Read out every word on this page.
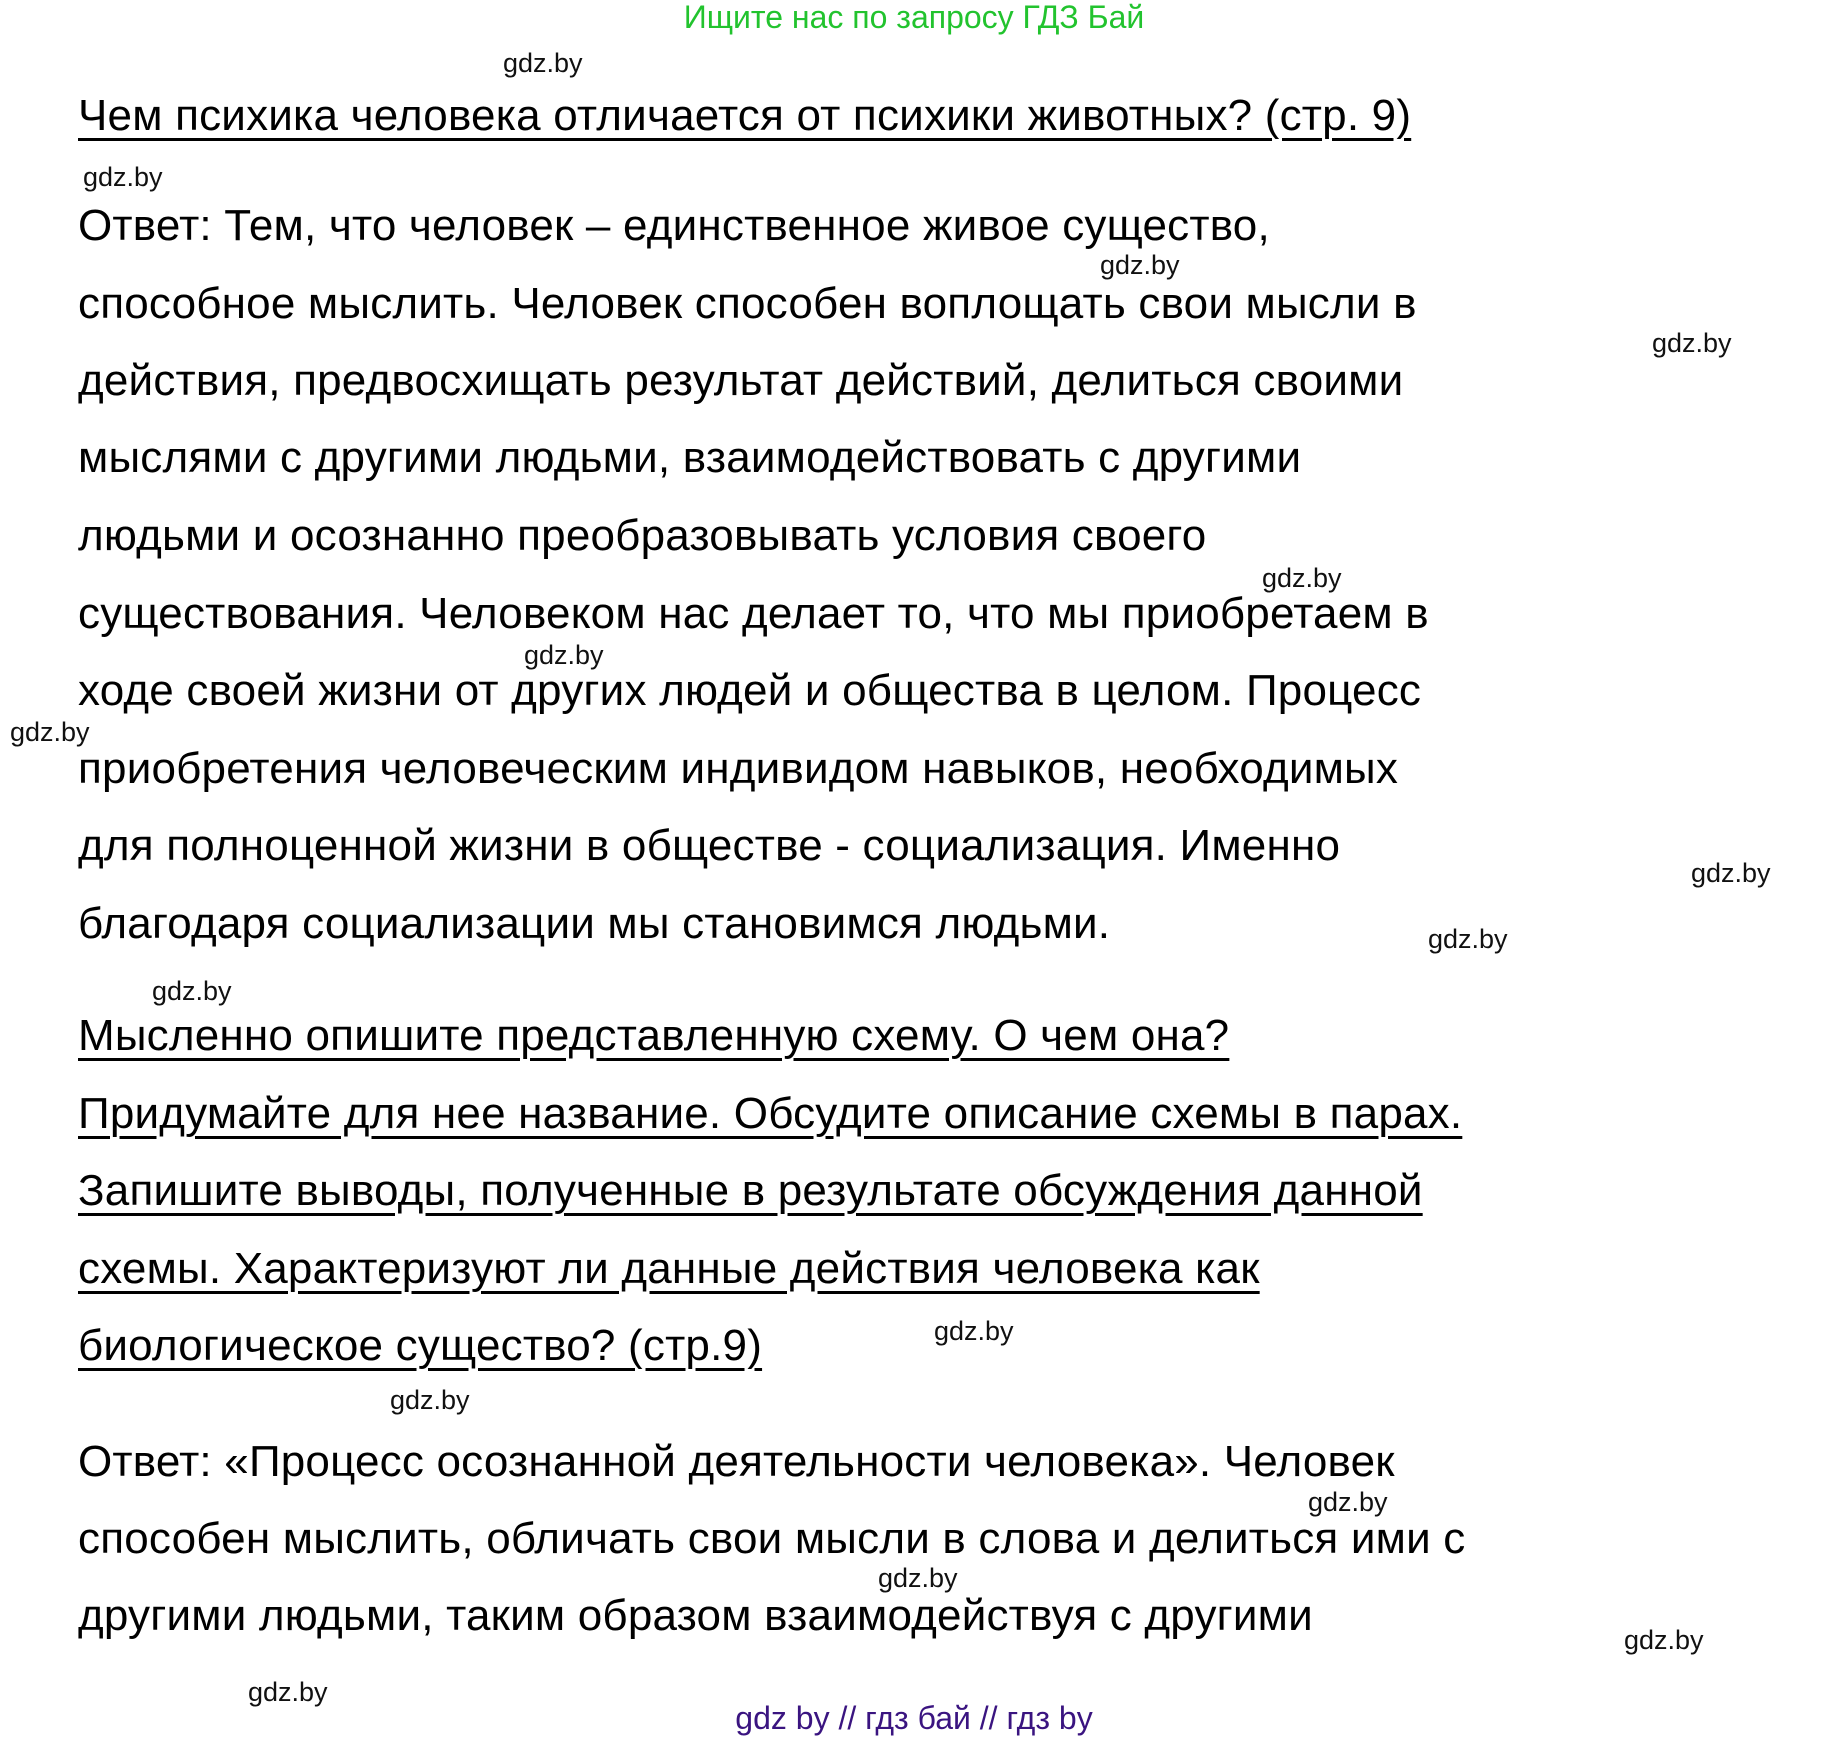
Ищите нас по запросу ГДЗ Бай
gdz.by
gdz.by
gdz.by
gdz.by
gdz.by
gdz.by
gdz.by
gdz.by
gdz.by
gdz.by
gdz.by
gdz.by
gdz.by
gdz.by
gdz.by
gdz.by
Чем психика человека отличается от психики животных? (стр. 9)
Ответ: Тем, что человек – единственное живое существо,
способное мыслить. Человек способен воплощать свои мысли в
действия, предвосхищать результат действий, делиться своими
мыслями с другими людьми, взаимодействовать с другими
людьми и осознанно преобразовывать условия своего
существования. Человеком нас делает то, что мы приобретаем в
ходе своей жизни от других людей и общества в целом. Процесс
приобретения человеческим индивидом навыков, необходимых
для полноценной жизни в обществе - социализация. Именно
благодаря социализации мы становимся людьми.
Мысленно опишите представленную схему. О чем она?
Придумайте для нее название. Обсудите описание схемы в парах.
Запишите выводы, полученные в результате обсуждения данной
схемы. Характеризуют ли данные действия человека как
биологическое существо? (стр.9)
Ответ: «Процесс осознанной деятельности человека». Человек
способен мыслить, обличать свои мысли в слова и делиться ими с
другими людьми, таким образом взаимодействуя с другими
gdz by // гдз бай // гдз by
